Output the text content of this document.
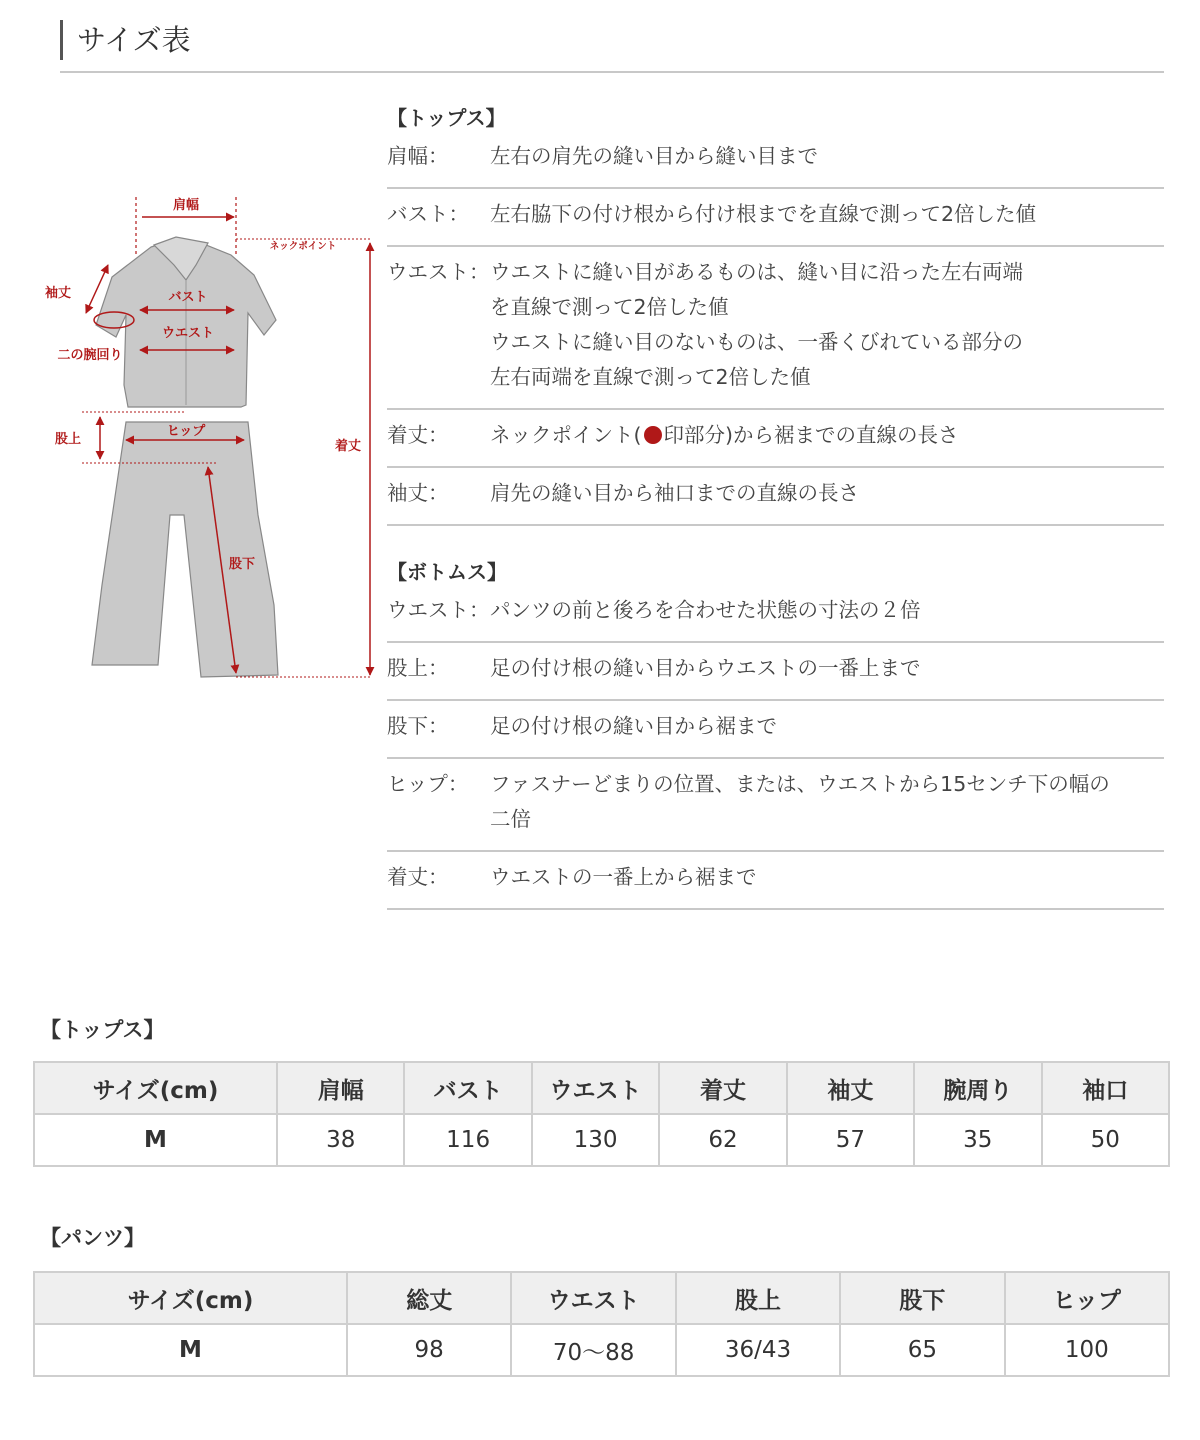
サイズ表
肩幅
ネックポイント
着丈
袖丈
二の腕回り
バスト
ウエスト
股上
ヒップ
股下
【トップス】
肩幅：	左右の肩先の縫い目から縫い目まで
バスト：	左右脇下の付け根から付け根までを直線で測って2倍した値
ウエスト： ウエストに縫い目があるものは、縫い目に沿った左右両端
を直線で測って2倍した値
ウエストに縫い目のないものは、一番くびれている部分の
左右両端を直線で測って2倍した値
着丈：	ネックポイント( 印部分)から裾までの直線の長さ
袖丈：	肩先の縫い目から袖口までの直線の長さ
【ボトムス】
ウエスト： パンツの前と後ろを合わせた状態の寸法の２倍
股上：	足の付け根の縫い目からウエストの一番上まで
股下：	足の付け根の縫い目から裾まで
ヒップ：	ファスナーどまりの位置、または、ウエストから15センチ下の幅の
二倍
着丈：	ウエストの一番上から裾まで
【トップス】
サイズ(cm)	肩幅	バスト	ウエスト	着丈	袖丈	腕周り	袖口
M	38	116	130	62	57	35	50
【パンツ】
サイズ(cm)	総丈	ウエスト	股上	股下	ヒップ
M	98	70〜88	36/43	65	100
